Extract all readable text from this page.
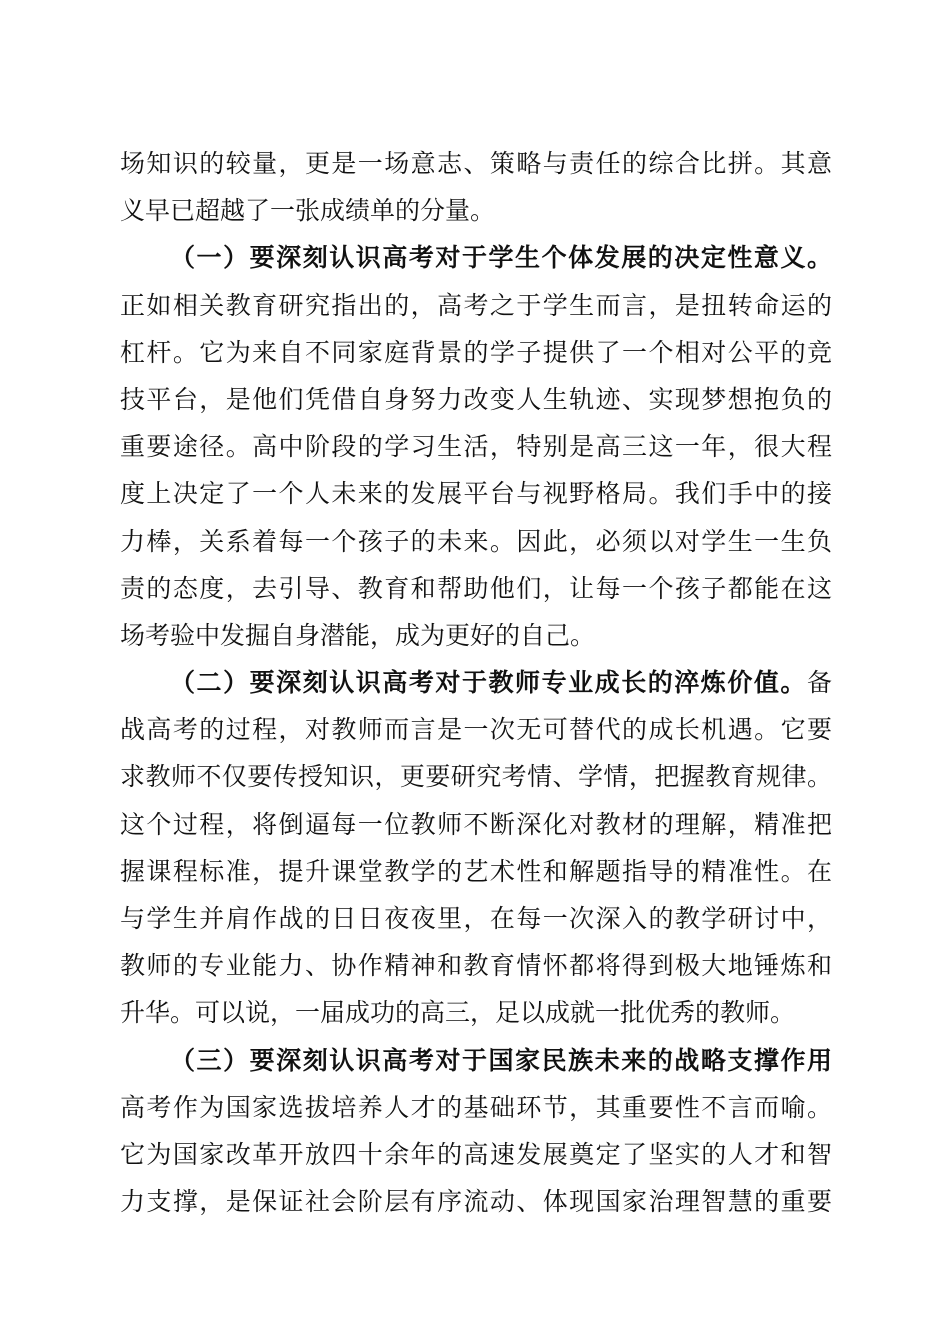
场知识的较量，更是一场意志、策略与责任的综合比拼。其意
义早已超越了一张成绩单的分量。
（一）要深刻认识高考对于学生个体发展的决定性意义。
正如相关教育研究指出的，高考之于学生而言，是扭转命运的
杠杆。它为来自不同家庭背景的学子提供了一个相对公平的竞
技平台，是他们凭借自身努力改变人生轨迹、实现梦想抱负的
重要途径。高中阶段的学习生活，特别是高三这一年，很大程
度上决定了一个人未来的发展平台与视野格局。我们手中的接
力棒，关系着每一个孩子的未来。因此，必须以对学生一生负
责的态度，去引导、教育和帮助他们，让每一个孩子都能在这
场考验中发掘自身潜能，成为更好的自己。
（二）要深刻认识高考对于教师专业成长的淬炼价值。备
战高考的过程，对教师而言是一次无可替代的成长机遇。它要
求教师不仅要传授知识，更要研究考情、学情，把握教育规律。
这个过程，将倒逼每一位教师不断深化对教材的理解，精准把
握课程标准，提升课堂教学的艺术性和解题指导的精准性。在
与学生并肩作战的日日夜夜里，在每一次深入的教学研讨中，
教师的专业能力、协作精神和教育情怀都将得到极大地锤炼和
升华。可以说，一届成功的高三，足以成就一批优秀的教师。
（三）要深刻认识高考对于国家民族未来的战略支撑作用
高考作为国家选拔培养人才的基础环节，其重要性不言而喻。
它为国家改革开放四十余年的高速发展奠定了坚实的人才和智
力支撑，是保证社会阶层有序流动、体现国家治理智慧的重要
